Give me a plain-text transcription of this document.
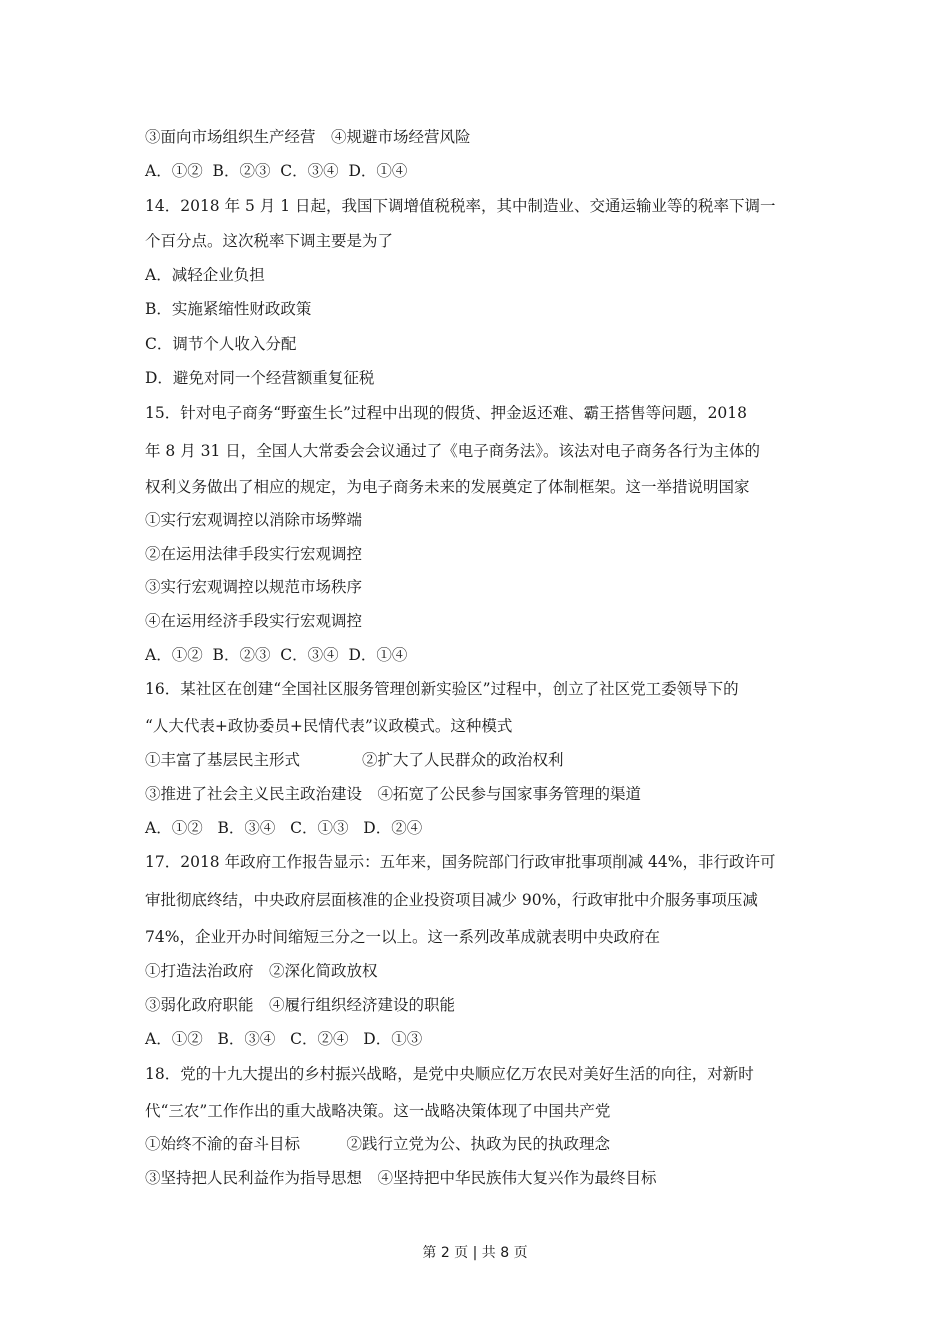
③面向市场组织生产经营　④规避市场经营风险

A．①②  B．②③  C．③④  D．①④

14．2018 年 5 月 1 日起，我国下调增值税税率，其中制造业、交通运输业等的税率下调一

个百分点。这次税率下调主要是为了

A．减轻企业负担

B．实施紧缩性财政政策

C．调节个人收入分配

D．避免对同一个经营额重复征税

15．针对电子商务“野蛮生长”过程中出现的假货、押金返还难、霸王搭售等问题，2018

年 8 月 31 日，全国人大常委会会议通过了《电子商务法》。该法对电子商务各行为主体的

权利义务做出了相应的规定，为电子商务未来的发展奠定了体制框架。这一举措说明国家

①实行宏观调控以消除市场弊端

②在运用法律手段实行宏观调控

③实行宏观调控以规范市场秩序

④在运用经济手段实行宏观调控

A．①②  B．②③  C．③④  D．①④

16．某社区在创建“全国社区服务管理创新实验区”过程中，创立了社区党工委领导下的

“人大代表+政协委员+民情代表”议政模式。这种模式

①丰富了基层民主形式　　　　②扩大了人民群众的政治权利

③推进了社会主义民主政治建设　④拓宽了公民参与国家事务管理的渠道

A．①②   B．③④   C．①③   D．②④

17．2018 年政府工作报告显示：五年来，国务院部门行政审批事项削减 44%，非行政许可

审批彻底终结，中央政府层面核准的企业投资项目减少 90%，行政审批中介服务事项压减

74%，企业开办时间缩短三分之一以上。这一系列改革成就表明中央政府在

①打造法治政府　②深化简政放权

③弱化政府职能　④履行组织经济建设的职能

A．①②   B．③④   C．②④   D．①③

18．党的十九大提出的乡村振兴战略，是党中央顺应亿万农民对美好生活的向往，对新时

代“三农”工作作出的重大战略决策。这一战略决策体现了中国共产党

①始终不渝的奋斗目标　　　②践行立党为公、执政为民的执政理念

③坚持把人民利益作为指导思想　④坚持把中华民族伟大复兴作为最终目标

第 2 页 | 共 8 页
